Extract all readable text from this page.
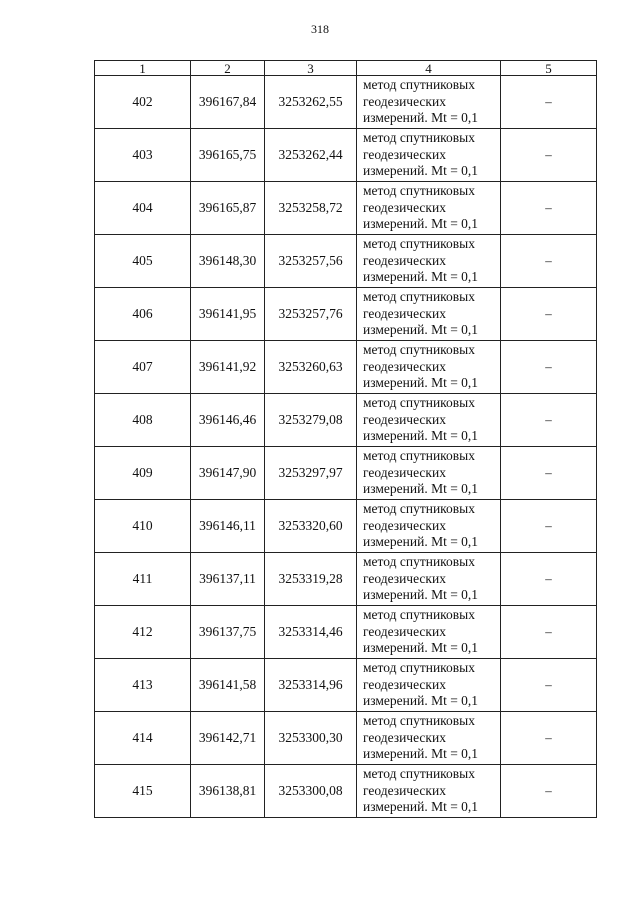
318
1	2	3	4	5
402	396167,84	3253262,55	метод спутниковых
геодезических
измерений. Mt = 0,1	–
403	396165,75	3253262,44	метод спутниковых
геодезических
измерений. Mt = 0,1	–
404	396165,87	3253258,72	метод спутниковых
геодезических
измерений. Mt = 0,1	–
405	396148,30	3253257,56	метод спутниковых
геодезических
измерений. Mt = 0,1	–
406	396141,95	3253257,76	метод спутниковых
геодезических
измерений. Mt = 0,1	–
407	396141,92	3253260,63	метод спутниковых
геодезических
измерений. Mt = 0,1	–
408	396146,46	3253279,08	метод спутниковых
геодезических
измерений. Mt = 0,1	–
409	396147,90	3253297,97	метод спутниковых
геодезических
измерений. Mt = 0,1	–
410	396146,11	3253320,60	метод спутниковых
геодезических
измерений. Mt = 0,1	–
411	396137,11	3253319,28	метод спутниковых
геодезических
измерений. Mt = 0,1	–
412	396137,75	3253314,46	метод спутниковых
геодезических
измерений. Mt = 0,1	–
413	396141,58	3253314,96	метод спутниковых
геодезических
измерений. Mt = 0,1	–
414	396142,71	3253300,30	метод спутниковых
геодезических
измерений. Mt = 0,1	–
415	396138,81	3253300,08	метод спутниковых
геодезических
измерений. Mt = 0,1	–
